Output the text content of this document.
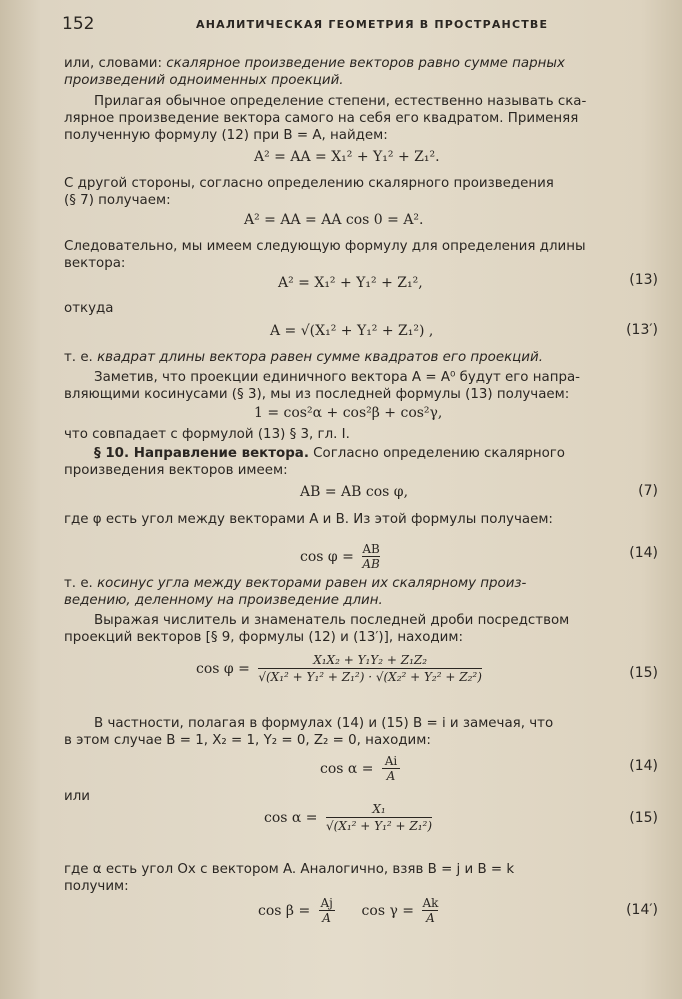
152	АНАЛИТИЧЕСКАЯ ГЕОМЕТРИЯ В ПРОСТРАНСТВЕ
или, словами: скалярное произведение векторов равно сумме парных
произведений одноименных проекций.
Прилагая обычное определение степени, естественно называть ска-
лярное произведение вектора самого на себя его квадратом. Применяя
полученную формулу (12) при B = A, найдем:
A² = AA = X₁² + Y₁² + Z₁².
С другой стороны, согласно определению скалярного произведения
(§ 7) получаем:
A² = AA = AA cos 0 = A².
Следовательно, мы имеем следующую формулу для определения длины
вектора:
A² = X₁² + Y₁² + Z₁²,	(13)
откуда
A = √(X₁² + Y₁² + Z₁²) ,	(13′)
т. е. квадрат длины вектора равен сумме квадратов его проекций.
Заметив, что проекции единичного вектора A = A⁰ будут его напра-
вляющими косинусами (§ 3), мы из последней формулы (13) получаем:
1 = cos²α + cos²β + cos²γ,
что совпадает с формулой (13) § 3, гл. I.
§ 10. Направление вектора. Согласно определению скалярного
произведения векторов имеем:
AB = AB cos φ,	(7)
где φ есть угол между векторами A и B. Из этой формулы получаем:
$\cos \varphi = \frac{AB}{AB}$	(14)
т. е. косинус угла между векторами равен их скалярному произ-
ведению, деленному на произведение длин.
Выражая числитель и знаменатель последней дроби посредством
проекций векторов [§ 9, формулы (12) и (13′)], находим:
$\cos \varphi = \frac{\text{X₁X₂ + Y₁Y₂ + Z₁Z₂}}{\text{√(X₁² + Y₁² + Z₁²) · √(X₂² + Y₂² + Z₂²)}}$	(15)
В частности, полагая в формулах (14) и (15) B = i и замечая, что
в этом случае B = 1, X₂ = 1, Y₂ = 0, Z₂ = 0, находим:
$\cos \alpha = \frac{Ai}{A}$	(14)
или
$\cos \alpha = \frac{\text{X₁}}{\text{√(X₁² + Y₁² + Z₁²)}}$	(15)
где α есть угол Ox с вектором A. Аналогично, взяв B = j и B = k
получим:
$\cos \beta = \frac{Aj}{A}$ $\cos \gamma = \frac{Ak}{A}$	(14′)
